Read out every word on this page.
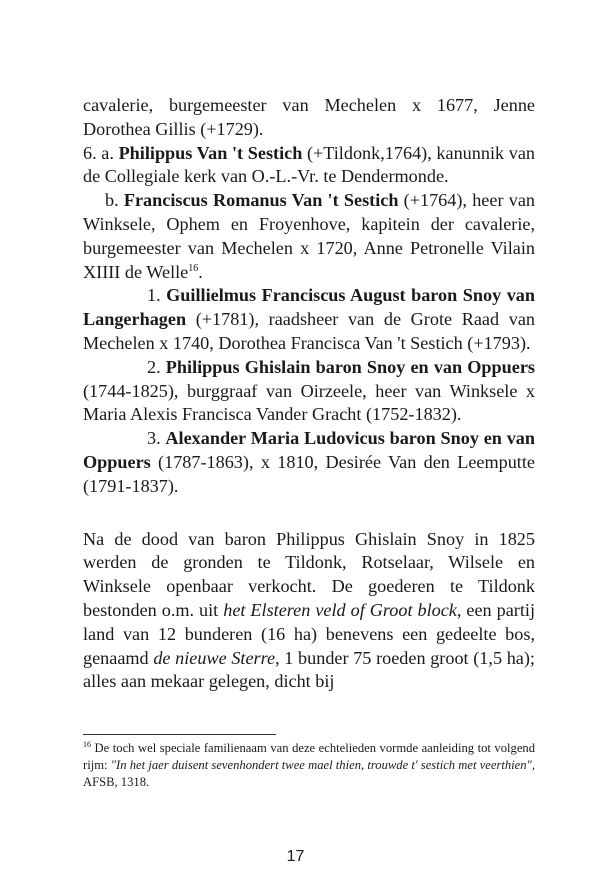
cavalerie, burgemeester van Mechelen x 1677, Jenne Dorothea Gillis (+1729).

6. a. Philippus Van 't Sestich (+Tildonk,1764), kanunnik van de Collegiale kerk van O.-L.-Vr. te Dendermonde.

b. Franciscus Romanus Van 't Sestich (+1764), heer van Winksele, Ophem en Froyenhove, kapitein der cavalerie, burgemeester van Mechelen x 1720, Anne Petronelle Vilain XIIII de Welle$^{16}$.

1. Guillielmus Franciscus August baron Snoy van Langerhagen (+1781), raadsheer van de Grote Raad van Mechelen x 1740, Dorothea Francisca Van 't Sestich (+1793).

2. Philippus Ghislain baron Snoy en van Oppuers (1744-1825), burggraaf van Oirzeele, heer van Winksele x Maria Alexis Francisca Vander Gracht (1752-1832).

3. Alexander Maria Ludovicus baron Snoy en van Oppuers (1787-1863), x 1810, Desirée Van den Leemputte (1791-1837).

Na de dood van baron Philippus Ghislain Snoy in 1825 werden de gronden te Tildonk, Rotselaar, Wilsele en Winksele openbaar verkocht. De goederen te Tildonk bestonden o.m. uit het Elsteren veld of Groot block, een partij land van 12 bunderen (16 ha) benevens een gedeelte bos, genaamd de nieuwe Sterre, 1 bunder 75 roeden groot (1,5 ha); alles aan mekaar gelegen, dicht bij

$^{16}$ De toch wel speciale familienaam van deze echtelieden vormde aanleiding tot volgend rijm: "In het jaer duisent sevenhondert twee mael thien, trouwde t' sestich met veerthien", AFSB, 1318.

17
